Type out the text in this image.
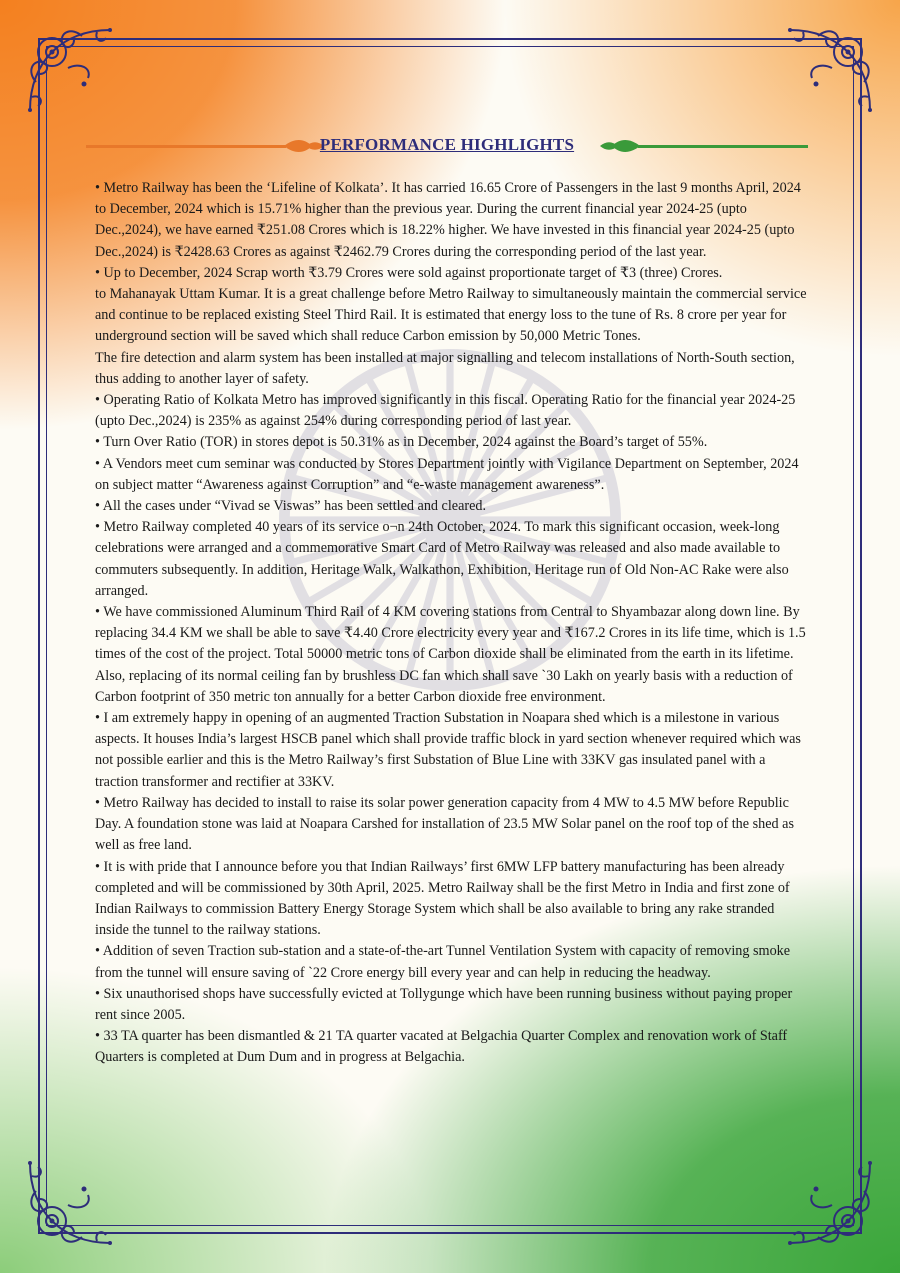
PERFORMANCE HIGHLIGHTS

• Metro Railway has been the ‘Lifeline of Kolkata’. It has carried 16.65 Crore of Passengers in the last 9 months April, 2024 to December, 2024 which is 15.71% higher than the previous year. During the current financial year 2024-25 (upto Dec.,2024), we have earned ₹251.08 Crores which is 18.22% higher. We have invested in this financial year 2024-25 (upto Dec.,2024) is ₹2428.63 Crores as against ₹2462.79 Crores during the corresponding period of the last year.

• Up to December, 2024 Scrap worth ₹3.79 Crores were sold against proportionate target of ₹3 (three) Crores.

to Mahanayak Uttam Kumar. It is a great challenge before Metro Railway to simultaneously maintain the commercial service and continue to be replaced existing Steel Third Rail. It is estimated that energy loss to the tune of Rs. 8 crore per year for underground section will be saved which shall reduce Carbon emission by 50,000 Metric Tones.

The fire detection and alarm system has been installed at major signalling and telecom installations of North-South section, thus adding to another layer of safety.

• Operating Ratio of Kolkata Metro has improved significantly in this fiscal. Operating Ratio for the financial year 2024-25 (upto Dec.,2024) is 235% as against 254% during corresponding period of last year.

• Turn Over Ratio (TOR) in stores depot is 50.31% as in December, 2024 against the Board’s target of 55%.

• A Vendors meet cum seminar was conducted by Stores Department jointly with Vigilance Department on September, 2024 on subject matter “Awareness against Corruption” and “e-waste management awareness”.

• All the cases under “Vivad se Viswas” has been settled and cleared.

• Metro Railway completed 40 years of its service o¬n 24th October, 2024. To mark this significant occasion, week-long celebrations were arranged and a commemorative Smart Card of Metro Railway was released and also made available to commuters subsequently. In addition, Heritage Walk, Walkathon, Exhibition, Heritage run of Old Non-AC Rake were also arranged.

• We have commissioned Aluminum Third Rail of 4 KM covering stations from Central to Shyambazar along down line. By replacing 34.4 KM we shall be able to save ₹4.40 Crore electricity every year and ₹167.2 Crores in its life time, which is 1.5 times of the cost of the project. Total 50000 metric tons of Carbon dioxide shall be eliminated from the earth in its lifetime. Also, replacing of its normal ceiling fan by brushless DC fan which shall save `30 Lakh on yearly basis with a reduction of Carbon footprint of 350 metric ton annually for a better Carbon dioxide free environment.

• I am extremely happy in opening of an augmented Traction Substation in Noapara shed which is a milestone in various aspects. It houses India’s largest HSCB panel which shall provide traffic block in yard section whenever required which was not possible earlier and this is the Metro Railway’s first Substation of Blue Line with 33KV gas insulated panel with a traction transformer and rectifier at 33KV.

• Metro Railway has decided to install to raise its solar power generation capacity from 4 MW to 4.5 MW before Republic Day. A foundation stone was laid at Noapara Carshed for installation of 23.5 MW Solar panel on the roof top of the shed as well as free land.

• It is with pride that I announce before you that Indian Railways’ first 6MW LFP battery manufacturing has been already completed and will be commissioned by 30th April, 2025. Metro Railway shall be the first Metro in India and first zone of Indian Railways to commission Battery Energy Storage System which shall be also available to bring any rake stranded inside the tunnel to the railway stations.

• Addition of seven Traction sub-station and a state-of-the-art Tunnel Ventilation System with capacity of removing smoke from the tunnel will ensure saving of `22 Crore energy bill every year and can help in reducing the headway.

• Six unauthorised shops have successfully evicted at Tollygunge which have been running business without paying proper rent since 2005.

• 33 TA quarter has been dismantled & 21 TA quarter vacated at Belgachia Quarter Complex and renovation work of Staff Quarters is completed at Dum Dum and in progress at Belgachia.
